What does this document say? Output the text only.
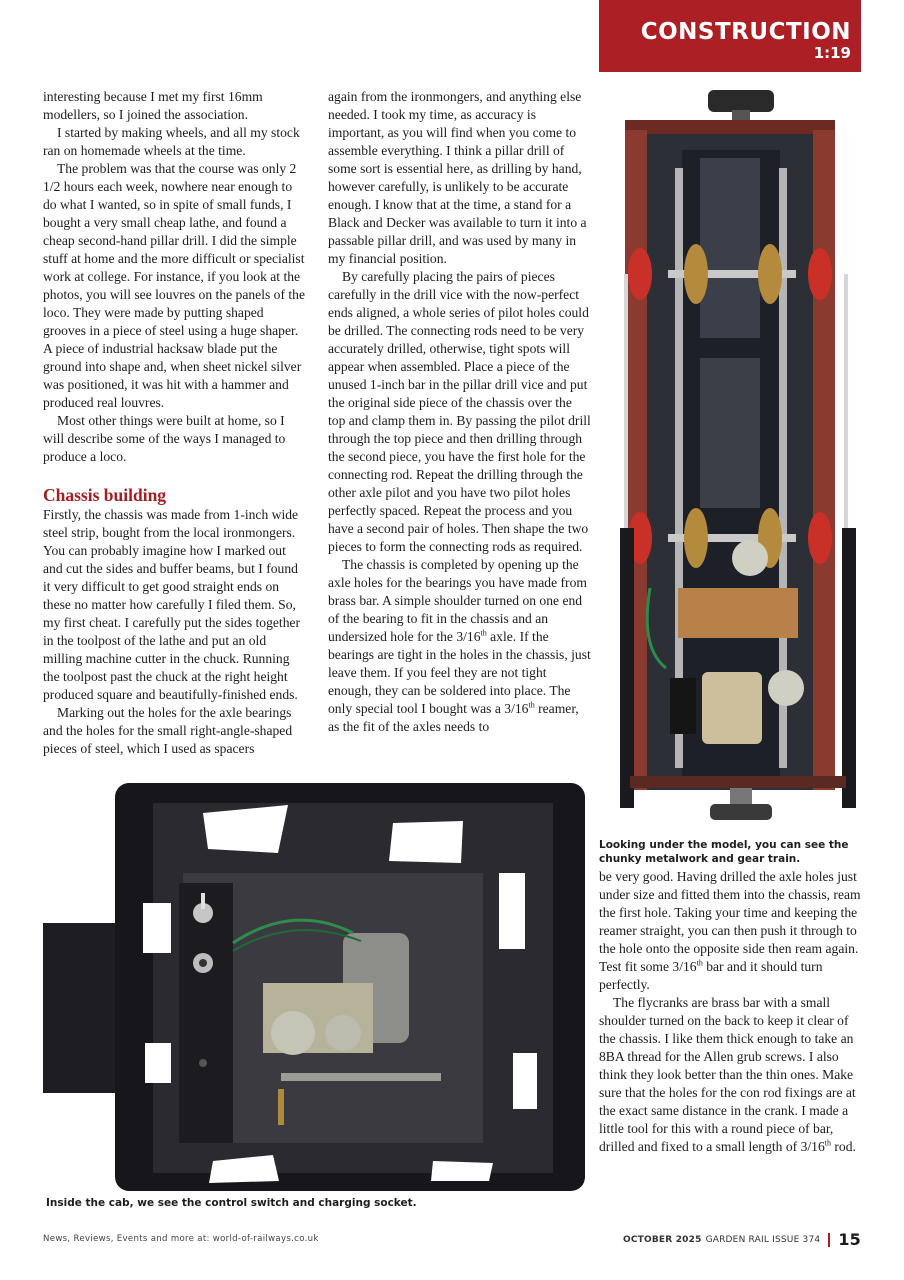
CONSTRUCTION
1:19

interesting because I met my first 16mm modellers, so I joined the association.

I started by making wheels, and all my stock ran on homemade wheels at the time.

The problem was that the course was only 2 1/2 hours each week, nowhere near enough to do what I wanted, so in spite of small funds, I bought a very small cheap lathe, and found a cheap second-hand pillar drill. I did the simple stuff at home and the more difficult or specialist work at college. For instance, if you look at the photos, you will see louvres on the panels of the loco. They were made by putting shaped grooves in a piece of steel using a huge shaper. A piece of industrial hacksaw blade put the ground into shape and, when sheet nickel silver was positioned, it was hit with a hammer and produced real louvres.

Most other things were built at home, so I will describe some of the ways I managed to produce a loco.

Chassis building

Firstly, the chassis was made from 1-inch wide steel strip, bought from the local ironmongers. You can probably imagine how I marked out and cut the sides and buffer beams, but I found it very difficult to get good straight ends on these no matter how carefully I filed them. So, my first cheat. I carefully put the sides together in the toolpost of the lathe and put an old milling machine cutter in the chuck. Running the toolpost past the chuck at the right height produced square and beautifully-finished ends.

Marking out the holes for the axle bearings and the holes for the small right-angle-shaped pieces of steel, which I used as spacers

again from the ironmongers, and anything else needed. I took my time, as accuracy is important, as you will find when you come to assemble everything. I think a pillar drill of some sort is essential here, as drilling by hand, however carefully, is unlikely to be accurate enough. I know that at the time, a stand for a Black and Decker was available to turn it into a passable pillar drill, and was used by many in my financial position.

By carefully placing the pairs of pieces carefully in the drill vice with the now-perfect ends aligned, a whole series of pilot holes could be drilled. The connecting rods need to be very accurately drilled, otherwise, tight spots will appear when assembled. Place a piece of the unused 1-inch bar in the pillar drill vice and put the original side piece of the chassis over the top and clamp them in. By passing the pilot drill through the top piece and then drilling through the second piece, you have the first hole for the connecting rod. Repeat the drilling through the other axle pilot and you have two pilot holes perfectly spaced. Repeat the process and you have a second pair of holes. Then shape the two pieces to form the connecting rods as required.

The chassis is completed by opening up the axle holes for the bearings you have made from brass bar. A simple shoulder turned on one end of the bearing to fit in the chassis and an undersized hole for the 3/16th axle. If the bearings are tight in the holes in the chassis, just leave them. If you feel they are not tight enough, they can be soldered into place. The only special tool I bought was a 3/16th reamer, as the fit of the axles needs to

be very good. Having drilled the axle holes just under size and fitted them into the chassis, ream the first hole. Taking your time and keeping the reamer straight, you can then push it through to the hole onto the opposite side then ream again. Test fit some 3/16th bar and it should turn perfectly.

The flycranks are brass bar with a small shoulder turned on the back to keep it clear of the chassis. I like them thick enough to take an 8BA thread for the Allen grub screws. I also think they look better than the thin ones. Make sure that the holes for the con rod fixings are at the exact same distance in the crank. I made a little tool for this with a round piece of bar, drilled and fixed to a small length of 3/16th rod.

Looking under the model, you can see the chunky metalwork and gear train.
Inside the cab, we see the control switch and charging socket.
News, Reviews, Events and more at: world-of-railways.co.uk	OCTOBER 2025 GARDEN RAIL ISSUE 374 15
